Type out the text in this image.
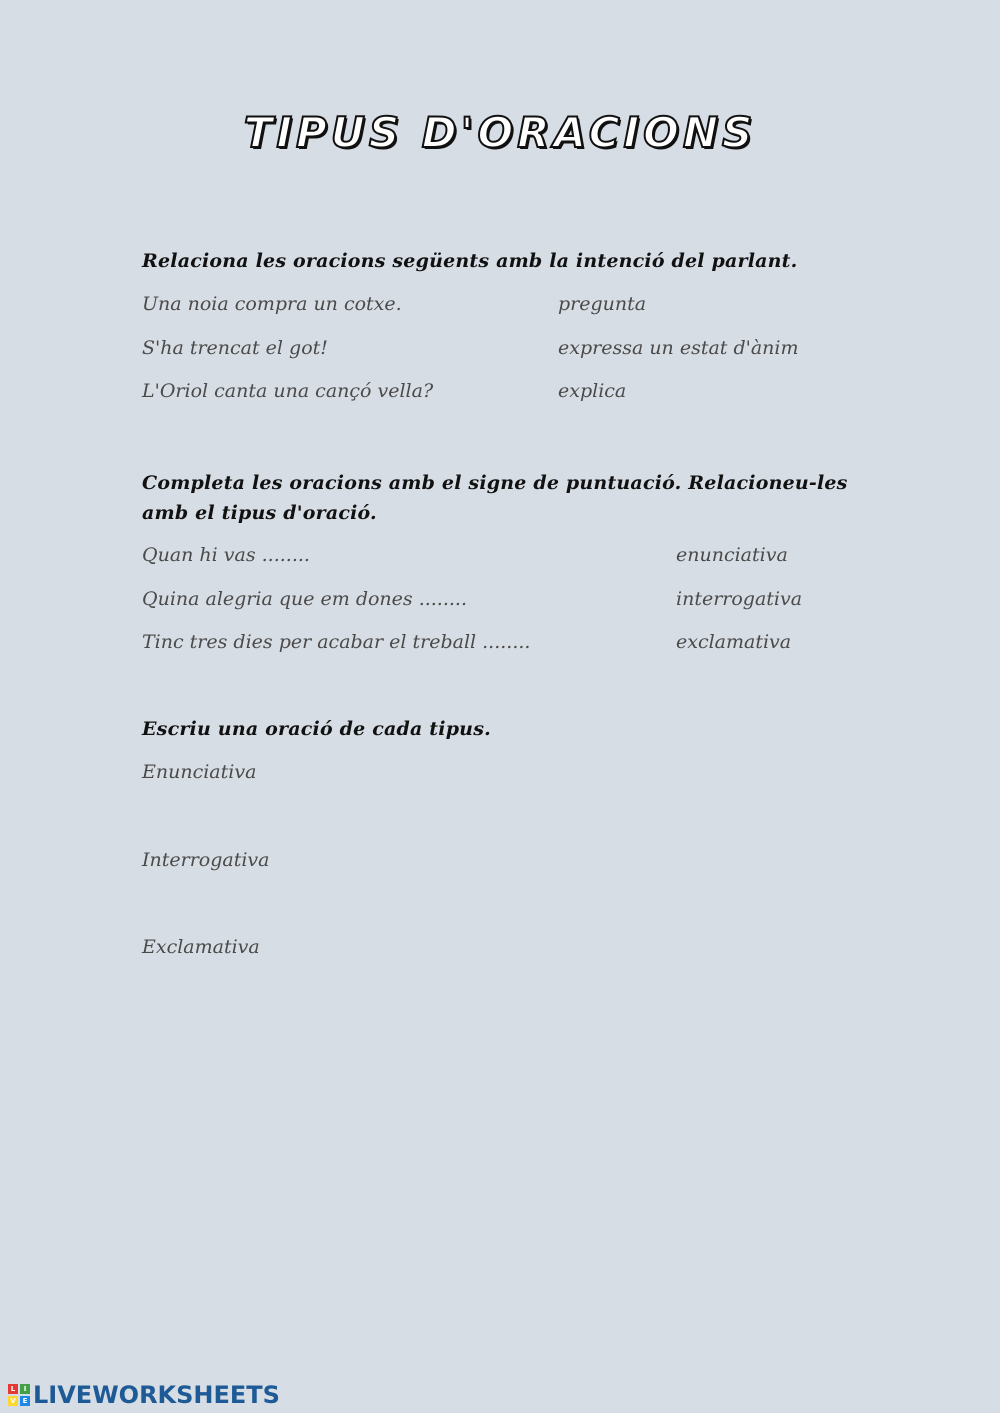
TIPUS D'ORACIONS
Relaciona les oracions següents amb la intenció del parlant.
Una noia compra un cotxe.	pregunta
S'ha trencat el got!	expressa un estat d'ànim
L'Oriol canta una cançó vella?	explica
Completa les oracions amb el signe de puntuació. Relacioneu-les amb el tipus d'oració.
Quan hi vas ........	enunciativa
Quina alegria que em dones ........	interrogativa
Tinc tres dies per acabar el treball ........	exclamativa
Escriu una oració de cada tipus.
Enunciativa
Interrogativa
Exclamativa
L	I
V E LIVEWORKSHEETS
